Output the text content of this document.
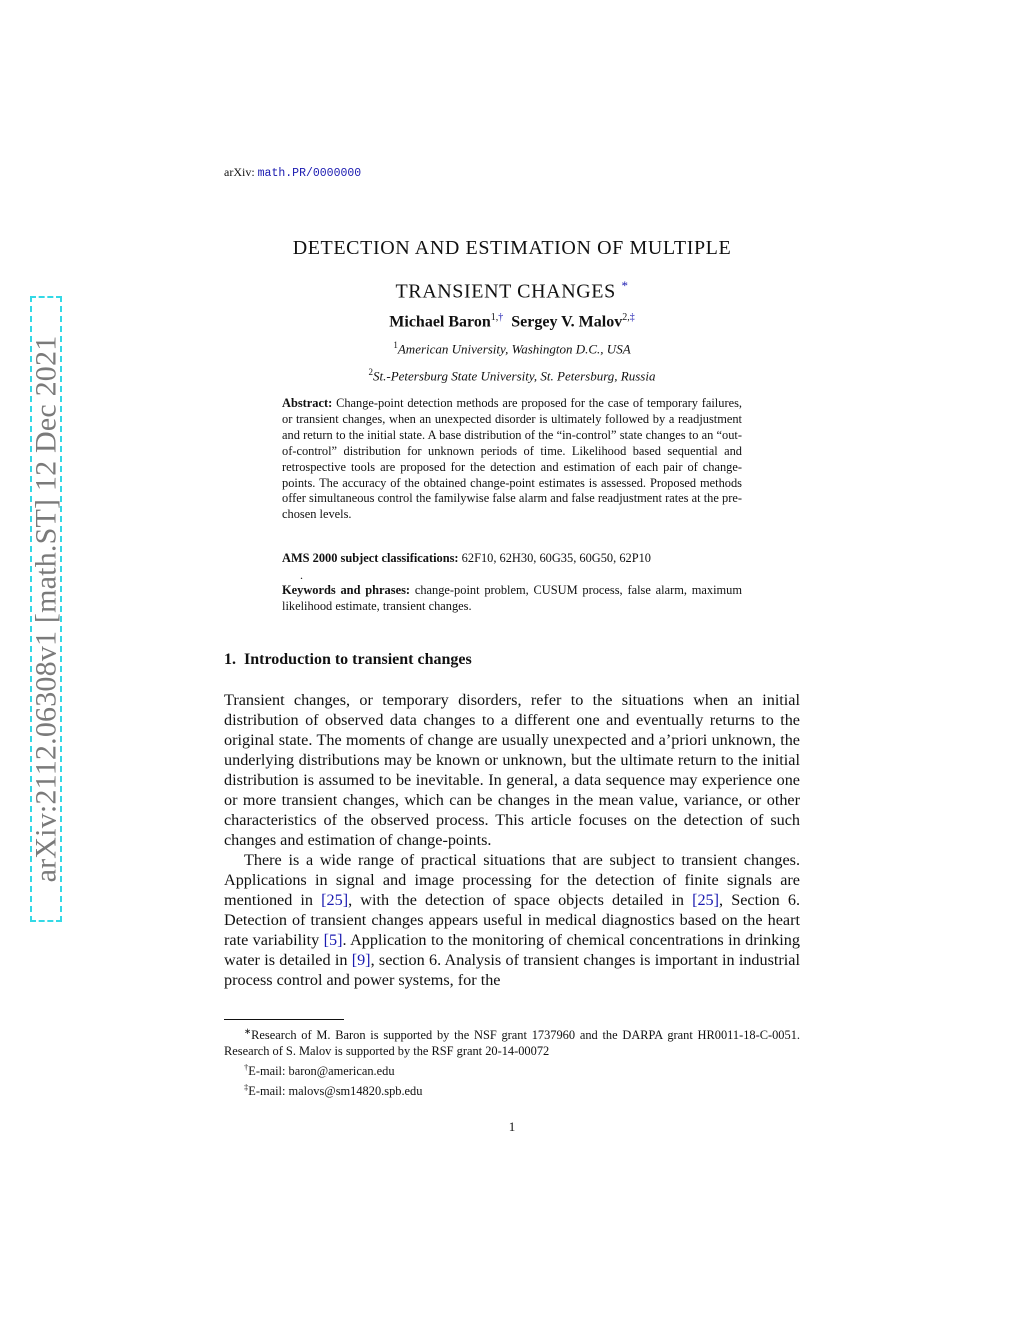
arXiv:2112.06308v1 [math.ST] 12 Dec 2021
arXiv: math.PR/0000000
DETECTION AND ESTIMATION OF MULTIPLE
TRANSIENT CHANGES *
Michael Baron$^{1,\dagger}$ Sergey V. Malov$^{2,\ddagger}$
$^1$American University, Washington D.C., USA
$^2$St.-Petersburg State University, St. Petersburg, Russia
Abstract: Change-point detection methods are proposed for the case of temporary failures, or transient changes, when an unexpected disorder is ultimately followed by a readjustment and return to the initial state. A base distribution of the “in-control” state changes to an “out-of-control” distribution for unknown periods of time. Likelihood based sequential and retrospective tools are proposed for the detection and estimation of each pair of change-points. The accuracy of the obtained change-point estimates is assessed. Proposed methods offer simultaneous control the familywise false alarm and false readjustment rates at the pre-chosen levels.
AMS 2000 subject classifications: 62F10, 62H30, 60G35, 60G50, 62P10
.
Keywords and phrases: change-point problem, CUSUM process, false alarm, maximum likelihood estimate, transient changes.
1. Introduction to transient changes

Transient changes, or temporary disorders, refer to the situations when an initial distribution of observed data changes to a different one and eventually returns to the original state. The moments of change are usually unexpected and a’priori unknown, the underlying distributions may be known or unknown, but the ultimate return to the initial distribution is assumed to be inevitable. In general, a data sequence may experience one or more transient changes, which can be changes in the mean value, variance, or other characteristics of the observed process. This article focuses on the detection of such changes and estimation of change-points.

There is a wide range of practical situations that are subject to transient changes. Applications in signal and image processing for the detection of finite signals are mentioned in [25], with the detection of space objects detailed in [25], Section 6. Detection of transient changes appears useful in medical diagnostics based on the heart rate variability [5]. Application to the monitoring of chemical concentrations in drinking water is detailed in [9], section 6. Analysis of transient changes is important in industrial process control and power systems, for the

∗Research of M. Baron is supported by the NSF grant 1737960 and the DARPA grant HR0011-18-C-0051. Research of S. Malov is supported by the RSF grant 20-14-00072

†E-mail: baron@american.edu

‡E-mail: malovs@sm14820.spb.edu

1
